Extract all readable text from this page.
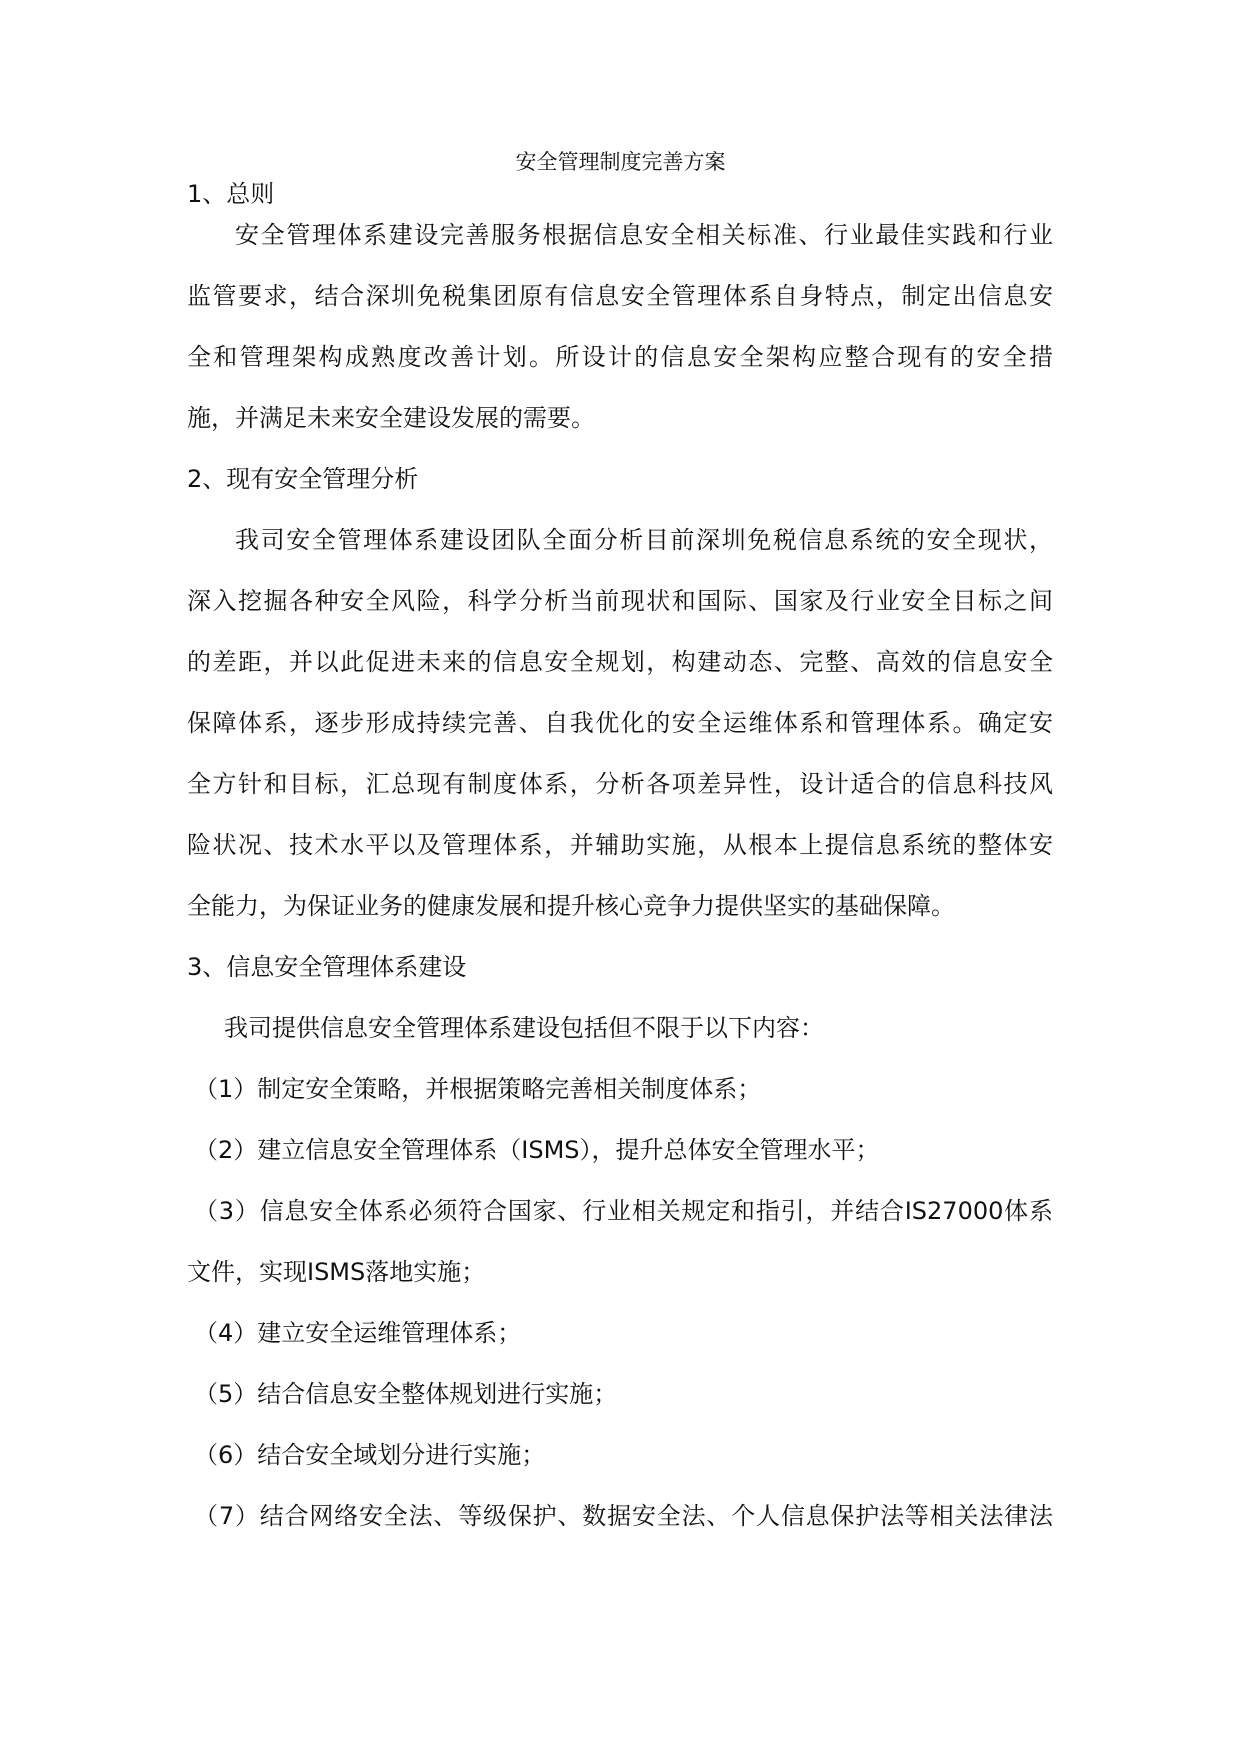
安全管理制度完善方案

1、总则

安全管理体系建设完善服务根据信息安全相关标准、行业最佳实践和行业

监管要求，结合深圳免税集团原有信息安全管理体系自身特点，制定出信息安

全和管理架构成熟度改善计划。所设计的信息安全架构应整合现有的安全措

施，并满足未来安全建设发展的需要。

2、现有安全管理分析

我司安全管理体系建设团队全面分析目前深圳免税信息系统的安全现状，

深入挖掘各种安全风险，科学分析当前现状和国际、国家及行业安全目标之间

的差距，并以此促进未来的信息安全规划，构建动态、完整、高效的信息安全

保障体系，逐步形成持续完善、自我优化的安全运维体系和管理体系。确定安

全方针和目标，汇总现有制度体系，分析各项差异性，设计适合的信息科技风

险状况、技术水平以及管理体系，并辅助实施，从根本上提信息系统的整体安

全能力，为保证业务的健康发展和提升核心竞争力提供坚实的基础保障。

3、信息安全管理体系建设

我司提供信息安全管理体系建设包括但不限于以下内容：

（1）制定安全策略，并根据策略完善相关制度体系；

（2）建立信息安全管理体系（ISMS），提升总体安全管理水平；

（3）信息安全体系必须符合国家、行业相关规定和指引，并结合IS27000体系

文件，实现ISMS落地实施；

（4）建立安全运维管理体系；

（5）结合信息安全整体规划进行实施；

（6）结合安全域划分进行实施；

（7）结合网络安全法、等级保护、数据安全法、个人信息保护法等相关法律法
